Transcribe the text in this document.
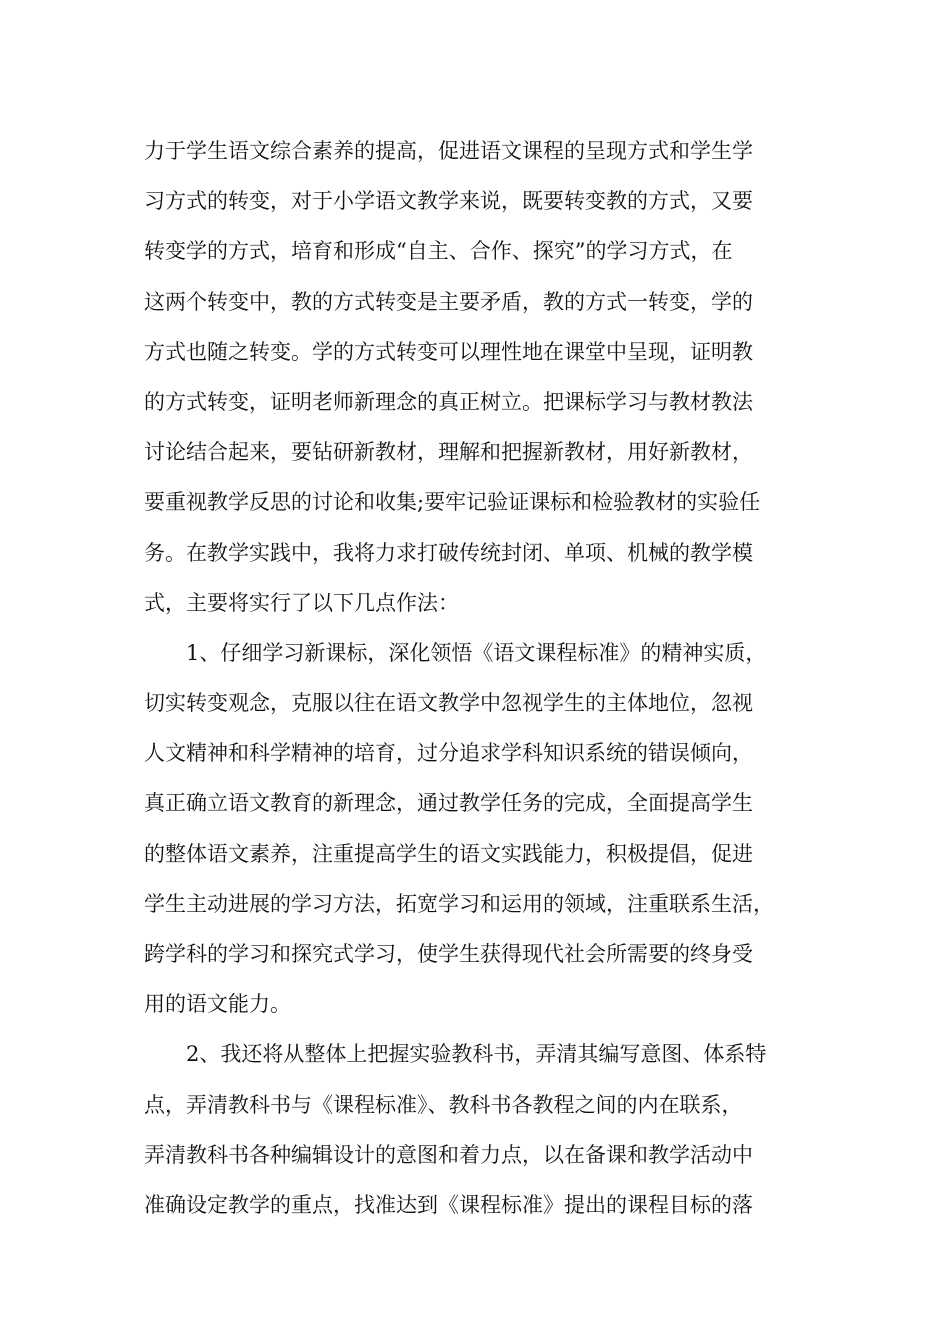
力于学生语文综合素养的提高，促进语文课程的呈现方式和学生学
习方式的转变，对于小学语文教学来说，既要转变教的方式，又要
转变学的方式，培育和形成“自主、合作、探究”的学习方式，在
这两个转变中，教的方式转变是主要矛盾，教的方式一转变，学的
方式也随之转变。学的方式转变可以理性地在课堂中呈现，证明教
的方式转变，证明老师新理念的真正树立。把课标学习与教材教法
讨论结合起来，要钻研新教材，理解和把握新教材，用好新教材，
要重视教学反思的讨论和收集;要牢记验证课标和检验教材的实验任
务。在教学实践中，我将力求打破传统封闭、单项、机械的教学模
式，主要将实行了以下几点作法：
1、仔细学习新课标，深化领悟《语文课程标准》的精神实质，
切实转变观念，克服以往在语文教学中忽视学生的主体地位，忽视
人文精神和科学精神的培育，过分追求学科知识系统的错误倾向，
真正确立语文教育的新理念，通过教学任务的完成，全面提高学生
的整体语文素养，注重提高学生的语文实践能力，积极提倡，促进
学生主动进展的学习方法，拓宽学习和运用的领域，注重联系生活，
跨学科的学习和探究式学习，使学生获得现代社会所需要的终身受
用的语文能力。
2、我还将从整体上把握实验教科书，弄清其编写意图、体系特
点，弄清教科书与《课程标准》、教科书各教程之间的内在联系，
弄清教科书各种编辑设计的意图和着力点，以在备课和教学活动中
准确设定教学的重点，找准达到《课程标准》提出的课程目标的落
